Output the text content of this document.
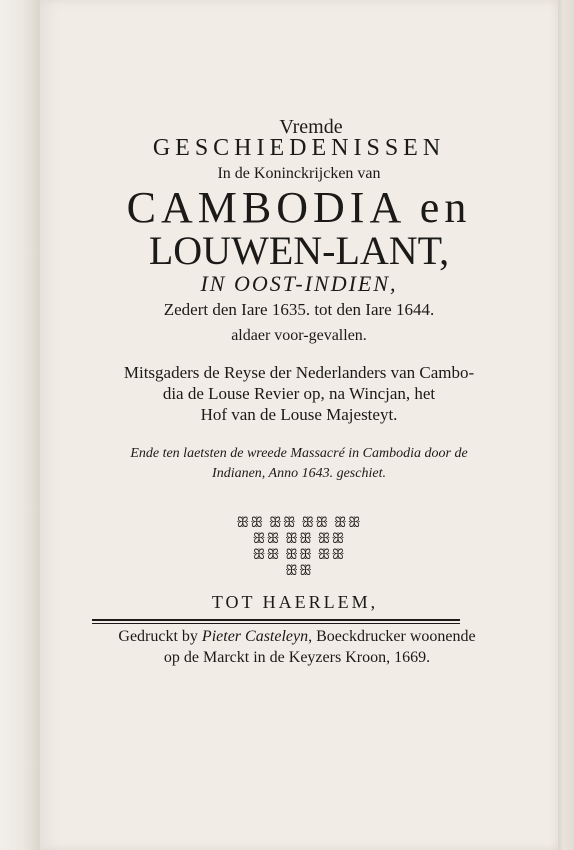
Vremde
GESCHIEDENISSEN
In de Koninckrijcken van
CAMBODIA en
LOUWEN-LANT,
IN OOST-INDIEN,
Zedert den Iare 1635. tot den Iare 1644.
aldaer voor-gevallen.
Mitsgaders de Reyse der Nederlanders van Cambo-
dia de Louse Revier op, na Wincjan, het
Hof van de Louse Majesteyt.
Ende ten laetsten de wreede Massacré in Cambodia door de
Indianen, Anno 1643. geschiet.
ꕥꕥ ꕥꕥ ꕥꕥ ꕥꕥ
ꕥꕥ ꕥꕥ ꕥꕥ
ꕥꕥ ꕥꕥ ꕥꕥ
ꕥꕥ
TOT HAERLEM,
Gedruckt by Pieter Casteleyn, Boeckdrucker woonende
op de Marckt in de Keyzers Kroon, 1669.
